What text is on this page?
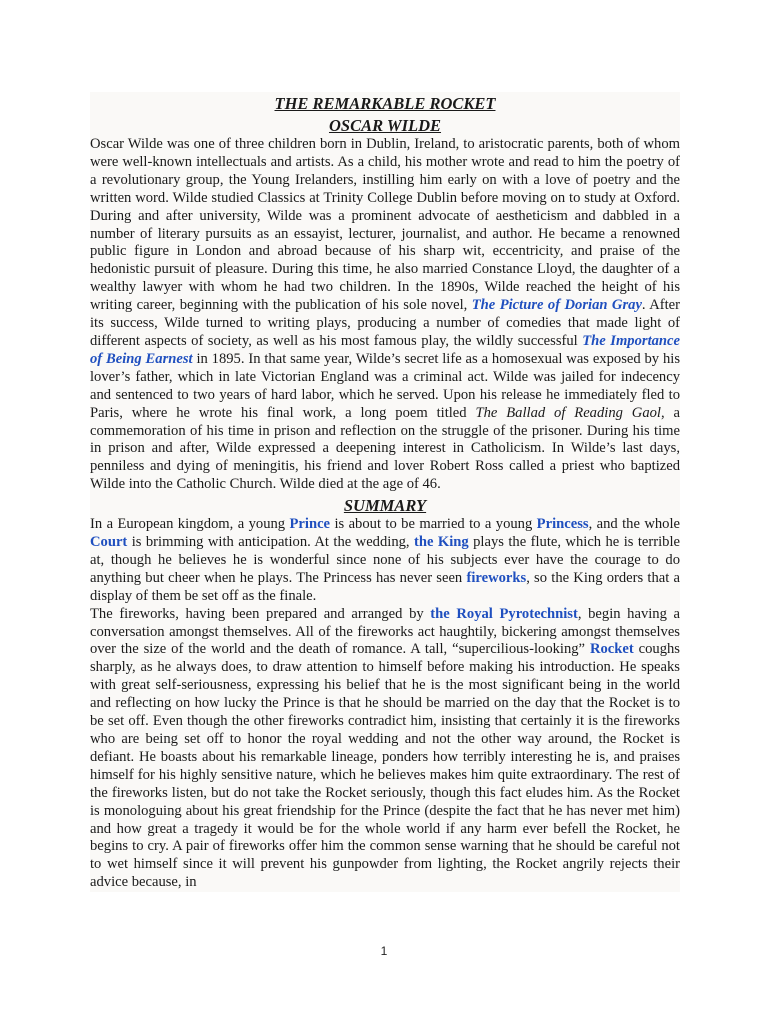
THE REMARKABLE ROCKET
OSCAR WILDE

Oscar Wilde was one of three children born in Dublin, Ireland, to aristocratic parents, both of whom were well-known intellectuals and artists. As a child, his mother wrote and read to him the poetry of a revolutionary group, the Young Irelanders, instilling him early on with a love of poetry and the written word. Wilde studied Classics at Trinity College Dublin before moving on to study at Oxford. During and after university, Wilde was a prominent advocate of aestheticism and dabbled in a number of literary pursuits as an essayist, lecturer, journalist, and author. He became a renowned public figure in London and abroad because of his sharp wit, eccentricity, and praise of the hedonistic pursuit of pleasure. During this time, he also married Constance Lloyd, the daughter of a wealthy lawyer with whom he had two children. In the 1890s, Wilde reached the height of his writing career, beginning with the publication of his sole novel, The Picture of Dorian Gray. After its success, Wilde turned to writing plays, producing a number of comedies that made light of different aspects of society, as well as his most famous play, the wildly successful The Importance of Being Earnest in 1895. In that same year, Wilde’s secret life as a homosexual was exposed by his lover’s father, which in late Victorian England was a criminal act. Wilde was jailed for indecency and sentenced to two years of hard labor, which he served. Upon his release he immediately fled to Paris, where he wrote his final work, a long poem titled The Ballad of Reading Gaol, a commemoration of his time in prison and reflection on the struggle of the prisoner. During his time in prison and after, Wilde expressed a deepening interest in Catholicism. In Wilde’s last days, penniless and dying of meningitis, his friend and lover Robert Ross called a priest who baptized Wilde into the Catholic Church. Wilde died at the age of 46.

SUMMARY

In a European kingdom, a young Prince is about to be married to a young Princess, and the whole Court is brimming with anticipation. At the wedding, the King plays the flute, which he is terrible at, though he believes he is wonderful since none of his subjects ever have the courage to do anything but cheer when he plays. The Princess has never seen fireworks, so the King orders that a display of them be set off as the finale.

The fireworks, having been prepared and arranged by the Royal Pyrotechnist, begin having a conversation amongst themselves. All of the fireworks act haughtily, bickering amongst themselves over the size of the world and the death of romance. A tall, “supercilious-looking” Rocket coughs sharply, as he always does, to draw attention to himself before making his introduction. He speaks with great self-seriousness, expressing his belief that he is the most significant being in the world and reflecting on how lucky the Prince is that he should be married on the day that the Rocket is to be set off. Even though the other fireworks contradict him, insisting that certainly it is the fireworks who are being set off to honor the royal wedding and not the other way around, the Rocket is defiant. He boasts about his remarkable lineage, ponders how terribly interesting he is, and praises himself for his highly sensitive nature, which he believes makes him quite extraordinary. The rest of the fireworks listen, but do not take the Rocket seriously, though this fact eludes him. As the Rocket is monologuing about his great friendship for the Prince (despite the fact that he has never met him) and how great a tragedy it would be for the whole world if any harm ever befell the Rocket, he begins to cry. A pair of fireworks offer him the common sense warning that he should be careful not to wet himself since it will prevent his gunpowder from lighting, the Rocket angrily rejects their advice because, in

1
